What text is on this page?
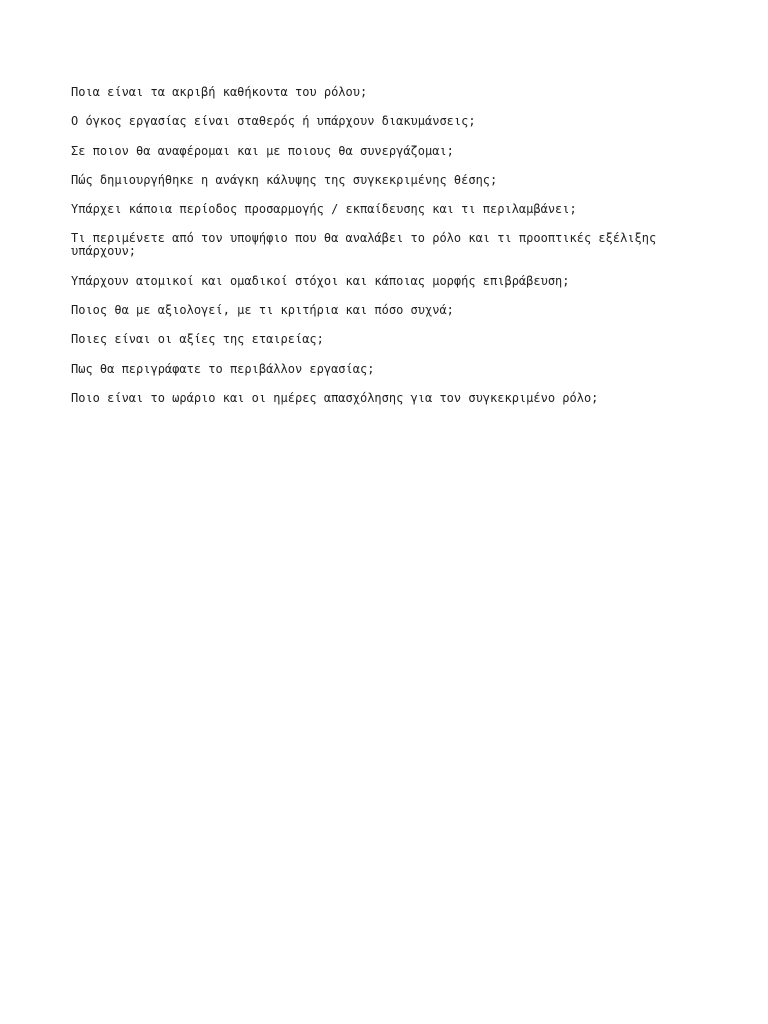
Ποια είναι τα ακριβή καθήκοντα του ρόλου;
Ο όγκος εργασίας είναι σταθερός ή υπάρχουν διακυμάνσεις;
Σε ποιον θα αναφέρομαι και με ποιους θα συνεργάζομαι;
Πώς δημιουργήθηκε η ανάγκη κάλυψης της συγκεκριμένης θέσης;
Υπάρχει κάποια περίοδος προσαρμογής / εκπαίδευσης και τι περιλαμβάνει;
Τι περιμένετε από τον υποψήφιο που θα αναλάβει το ρόλο και τι προοπτικές εξέλιξης υπάρχουν;
Υπάρχουν ατομικοί και ομαδικοί στόχοι και κάποιας μορφής επιβράβευση;
Ποιος θα με αξιολογεί, με τι κριτήρια και πόσο συχνά;
Ποιες είναι οι αξίες της εταιρείας;
Πως θα περιγράφατε το περιβάλλον εργασίας;
Ποιο είναι το ωράριο και οι ημέρες απασχόλησης για τον συγκεκριμένο ρόλο;
